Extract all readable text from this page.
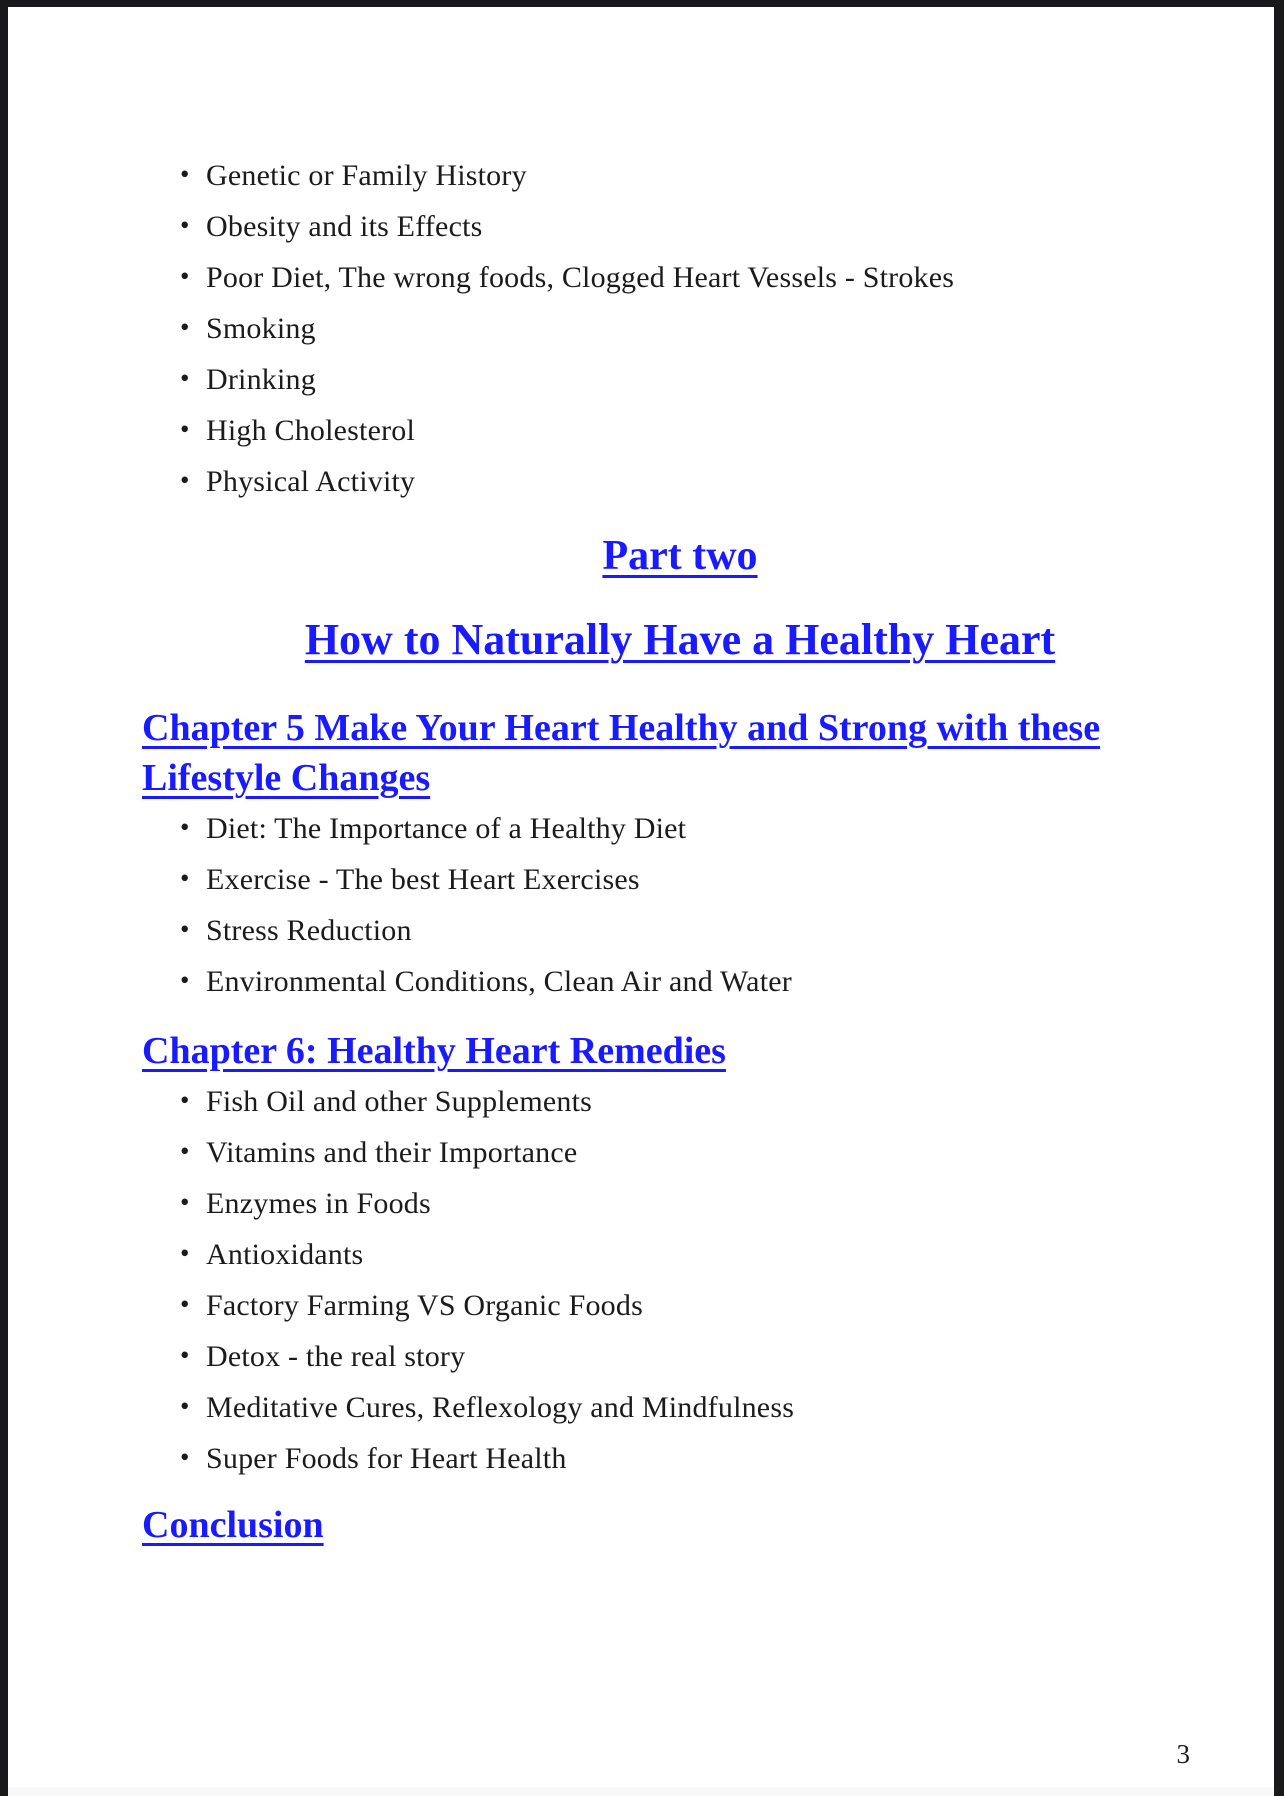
• Genetic or Family History
• Obesity and its Effects
• Poor Diet, The wrong foods, Clogged Heart Vessels - Strokes
• Smoking
• Drinking
• High Cholesterol
• Physical Activity
Part two
How to Naturally Have a Healthy Heart
Chapter 5 Make Your Heart Healthy and Strong with these Lifestyle Changes
• Diet: The Importance of a Healthy Diet
• Exercise - The best Heart Exercises
• Stress Reduction
• Environmental Conditions, Clean Air and Water
Chapter 6: Healthy Heart Remedies
• Fish Oil and other Supplements
• Vitamins and their Importance
• Enzymes in Foods
• Antioxidants
• Factory Farming VS Organic Foods
• Detox - the real story
• Meditative Cures, Reflexology and Mindfulness
• Super Foods for Heart Health
Conclusion
3
